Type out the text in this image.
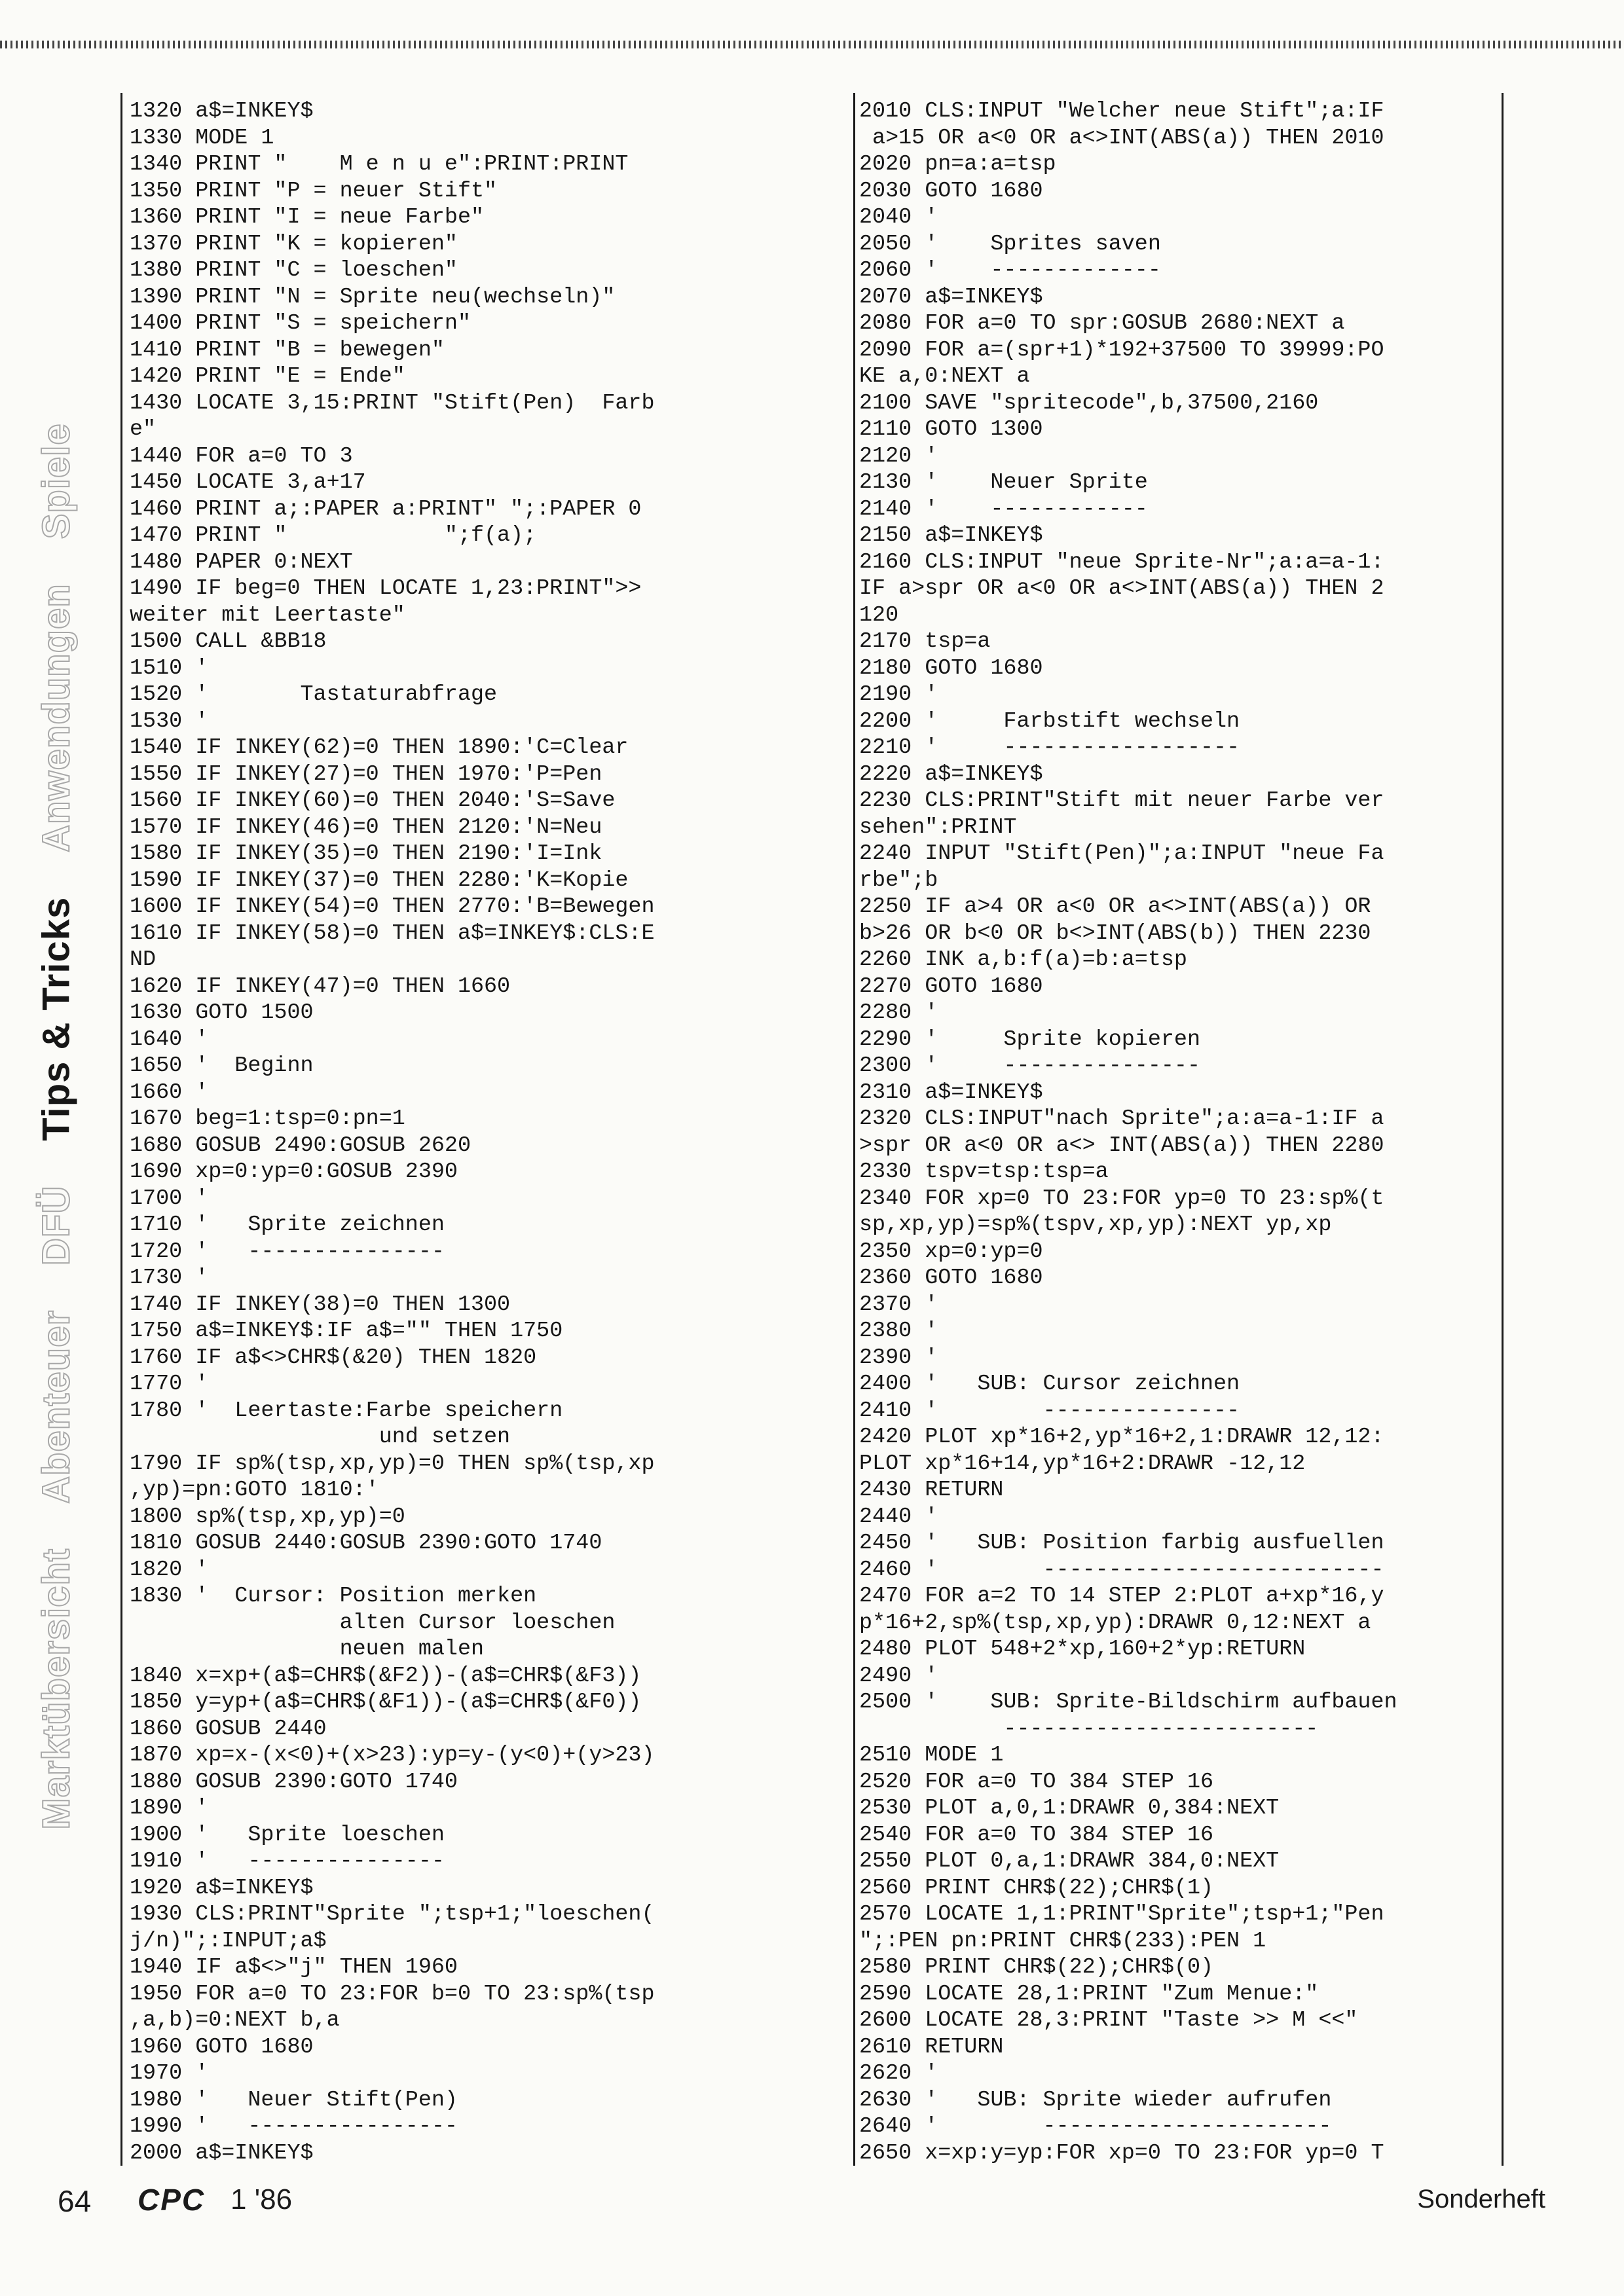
MarktübersichtAbenteuerDFÜTips & TricksAnwendungenSpiele
1320 a$=INKEY$
1330 MODE 1
1340 PRINT "    M e n u e":PRINT:PRINT
1350 PRINT "P = neuer Stift"
1360 PRINT "I = neue Farbe"
1370 PRINT "K = kopieren"
1380 PRINT "C = loeschen"
1390 PRINT "N = Sprite neu(wechseln)"
1400 PRINT "S = speichern"
1410 PRINT "B = bewegen"
1420 PRINT "E = Ende"
1430 LOCATE 3,15:PRINT "Stift(Pen)  Farb
e"
1440 FOR a=0 TO 3
1450 LOCATE 3,a+17
1460 PRINT a;:PAPER a:PRINT" ";:PAPER 0
1470 PRINT "            ";f(a);
1480 PAPER 0:NEXT
1490 IF beg=0 THEN LOCATE 1,23:PRINT">>
weiter mit Leertaste"
1500 CALL &BB18
1510 '
1520 '       Tastaturabfrage
1530 '
1540 IF INKEY(62)=0 THEN 1890:'C=Clear
1550 IF INKEY(27)=0 THEN 1970:'P=Pen
1560 IF INKEY(60)=0 THEN 2040:'S=Save
1570 IF INKEY(46)=0 THEN 2120:'N=Neu
1580 IF INKEY(35)=0 THEN 2190:'I=Ink
1590 IF INKEY(37)=0 THEN 2280:'K=Kopie
1600 IF INKEY(54)=0 THEN 2770:'B=Bewegen
1610 IF INKEY(58)=0 THEN a$=INKEY$:CLS:E
ND
1620 IF INKEY(47)=0 THEN 1660
1630 GOTO 1500
1640 '
1650 '  Beginn
1660 '
1670 beg=1:tsp=0:pn=1
1680 GOSUB 2490:GOSUB 2620
1690 xp=0:yp=0:GOSUB 2390
1700 '
1710 '   Sprite zeichnen
1720 '   ---------------
1730 '
1740 IF INKEY(38)=0 THEN 1300
1750 a$=INKEY$:IF a$="" THEN 1750
1760 IF a$<>CHR$(&20) THEN 1820
1770 '
1780 '  Leertaste:Farbe speichern
und setzen
1790 IF sp%(tsp,xp,yp)=0 THEN sp%(tsp,xp
,yp)=pn:GOTO 1810:'
1800 sp%(tsp,xp,yp)=0
1810 GOSUB 2440:GOSUB 2390:GOTO 1740
1820 '
1830 '  Cursor: Position merken
alten Cursor loeschen
neuen malen
1840 x=xp+(a$=CHR$(&F2))-(a$=CHR$(&F3))
1850 y=yp+(a$=CHR$(&F1))-(a$=CHR$(&F0))
1860 GOSUB 2440
1870 xp=x-(x<0)+(x>23):yp=y-(y<0)+(y>23)
1880 GOSUB 2390:GOTO 1740
1890 '
1900 '   Sprite loeschen
1910 '   ---------------
1920 a$=INKEY$
1930 CLS:PRINT"Sprite ";tsp+1;"loeschen(
j/n)";:INPUT;a$
1940 IF a$<>"j" THEN 1960
1950 FOR a=0 TO 23:FOR b=0 TO 23:sp%(tsp
,a,b)=0:NEXT b,a
1960 GOTO 1680
1970 '
1980 '   Neuer Stift(Pen)
1990 '   ----------------
2000 a$=INKEY$

2010 CLS:INPUT "Welcher neue Stift";a:IF
a>15 OR a<0 OR a<>INT(ABS(a)) THEN 2010
2020 pn=a:a=tsp
2030 GOTO 1680
2040 '
2050 '    Sprites saven
2060 '    -------------
2070 a$=INKEY$
2080 FOR a=0 TO spr:GOSUB 2680:NEXT a
2090 FOR a=(spr+1)*192+37500 TO 39999:PO
KE a,0:NEXT a
2100 SAVE "spritecode",b,37500,2160
2110 GOTO 1300
2120 '
2130 '    Neuer Sprite
2140 '    ------------
2150 a$=INKEY$
2160 CLS:INPUT "neue Sprite-Nr";a:a=a-1:
IF a>spr OR a<0 OR a<>INT(ABS(a)) THEN 2
120
2170 tsp=a
2180 GOTO 1680
2190 '
2200 '     Farbstift wechseln
2210 '     ------------------
2220 a$=INKEY$
2230 CLS:PRINT"Stift mit neuer Farbe ver
sehen":PRINT
2240 INPUT "Stift(Pen)";a:INPUT "neue Fa
rbe";b
2250 IF a>4 OR a<0 OR a<>INT(ABS(a)) OR
b>26 OR b<0 OR b<>INT(ABS(b)) THEN 2230
2260 INK a,b:f(a)=b:a=tsp
2270 GOTO 1680
2280 '
2290 '     Sprite kopieren
2300 '     ---------------
2310 a$=INKEY$
2320 CLS:INPUT"nach Sprite";a:a=a-1:IF a
>spr OR a<0 OR a<> INT(ABS(a)) THEN 2280
2330 tspv=tsp:tsp=a
2340 FOR xp=0 TO 23:FOR yp=0 TO 23:sp%(t
sp,xp,yp)=sp%(tspv,xp,yp):NEXT yp,xp
2350 xp=0:yp=0
2360 GOTO 1680
2370 '
2380 '
2390 '
2400 '   SUB: Cursor zeichnen
2410 '        ---------------
2420 PLOT xp*16+2,yp*16+2,1:DRAWR 12,12:
PLOT xp*16+14,yp*16+2:DRAWR -12,12
2430 RETURN
2440 '
2450 '   SUB: Position farbig ausfuellen
2460 '        --------------------------
2470 FOR a=2 TO 14 STEP 2:PLOT a+xp*16,y
p*16+2,sp%(tsp,xp,yp):DRAWR 0,12:NEXT a
2480 PLOT 548+2*xp,160+2*yp:RETURN
2490 '
2500 '    SUB: Sprite-Bildschirm aufbauen
------------------------
2510 MODE 1
2520 FOR a=0 TO 384 STEP 16
2530 PLOT a,0,1:DRAWR 0,384:NEXT
2540 FOR a=0 TO 384 STEP 16
2550 PLOT 0,a,1:DRAWR 384,0:NEXT
2560 PRINT CHR$(22);CHR$(1)
2570 LOCATE 1,1:PRINT"Sprite";tsp+1;"Pen
";:PEN pn:PRINT CHR$(233):PEN 1
2580 PRINT CHR$(22);CHR$(0)
2590 LOCATE 28,1:PRINT "Zum Menue:"
2600 LOCATE 28,3:PRINT "Taste >> M <<"
2610 RETURN
2620 '
2630 '   SUB: Sprite wieder aufrufen
2640 '        ----------------------
2650 x=xp:y=yp:FOR xp=0 TO 23:FOR yp=0 T

64 CPC 1 '86	Sonderheft
